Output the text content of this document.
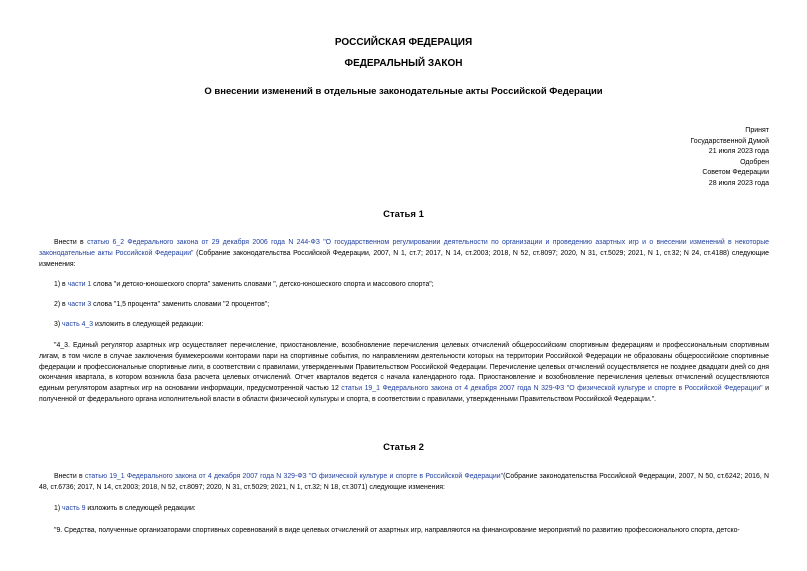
РОССИЙСКАЯ ФЕДЕРАЦИЯ
ФЕДЕРАЛЬНЫЙ ЗАКОН
О внесении изменений в отдельные законодательные акты Российской Федерации
Принят
Государственной Думой
21 июля 2023 года
Одобрен
Советом Федерации
28 июля 2023 года
Статья 1

Внести в статью 6_2 Федерального закона от 29 декабря 2006 года N 244-ФЗ "О государственном регулировании деятельности по организации и проведению азартных игр и о внесении изменений в некоторые законодательные акты Российской Федерации" (Собрание законодательства Российской Федерации, 2007, N 1, ст.7; 2017, N 14, ст.2003; 2018, N 52, ст.8097; 2020, N 31, ст.5029; 2021, N 1, ст.32; N 24, ст.4188) следующие изменения:

1) в части 1 слова "и детско-юношеского спорта" заменить словами ", детско-юношеского спорта и массового спорта";

2) в части 3 слова "1,5 процента" заменить словами "2 процентов";

3) часть 4_3 изложить в следующей редакции:

"4_3. Единый регулятор азартных игр осуществляет перечисление, приостановление, возобновление перечисления целевых отчислений общероссийским спортивным федерациям и профессиональным спортивным лигам, в том числе в случае заключения букмекерскими конторами пари на спортивные события, по направлениям деятельности которых на территории Российской Федерации не образованы общероссийские спортивные федерации и профессиональные спортивные лиги, в соответствии с правилами, утвержденными Правительством Российской Федерации. Перечисление целевых отчислений осуществляется не позднее двадцати дней со дня окончания квартала, в котором возникла база расчета целевых отчислений. Отчет кварталов ведется с начала календарного года. Приостановление и возобновление перечисления целевых отчислений осуществляются единым регулятором азартных игр на основании информации, предусмотренной частью 12 статьи 19_1 Федерального закона от 4 декабря 2007 года N 329-ФЗ "О физической культуре и спорте в Российской Федерации" и полученной от федерального органа исполнительной власти в области физической культуры и спорта, в соответствии с правилами, утвержденными Правительством Российской Федерации.".

Статья 2

Внести в статью 19_1 Федерального закона от 4 декабря 2007 года N 329-ФЗ "О физической культуре и спорте в Российской Федерации"(Собрание законодательства Российской Федерации, 2007, N 50, ст.6242; 2016, N 48, ст.6736; 2017, N 14, ст.2003; 2018, N 52, ст.8097; 2020, N 31, ст.5029; 2021, N 1, ст.32; N 18, ст.3071) следующие изменения:

1) часть 9 изложить в следующей редакции:

"9. Средства, полученные организаторами спортивных соревнований в виде целевых отчислений от азартных игр, направляются на финансирование мероприятий по развитию профессионального спорта, детско-
